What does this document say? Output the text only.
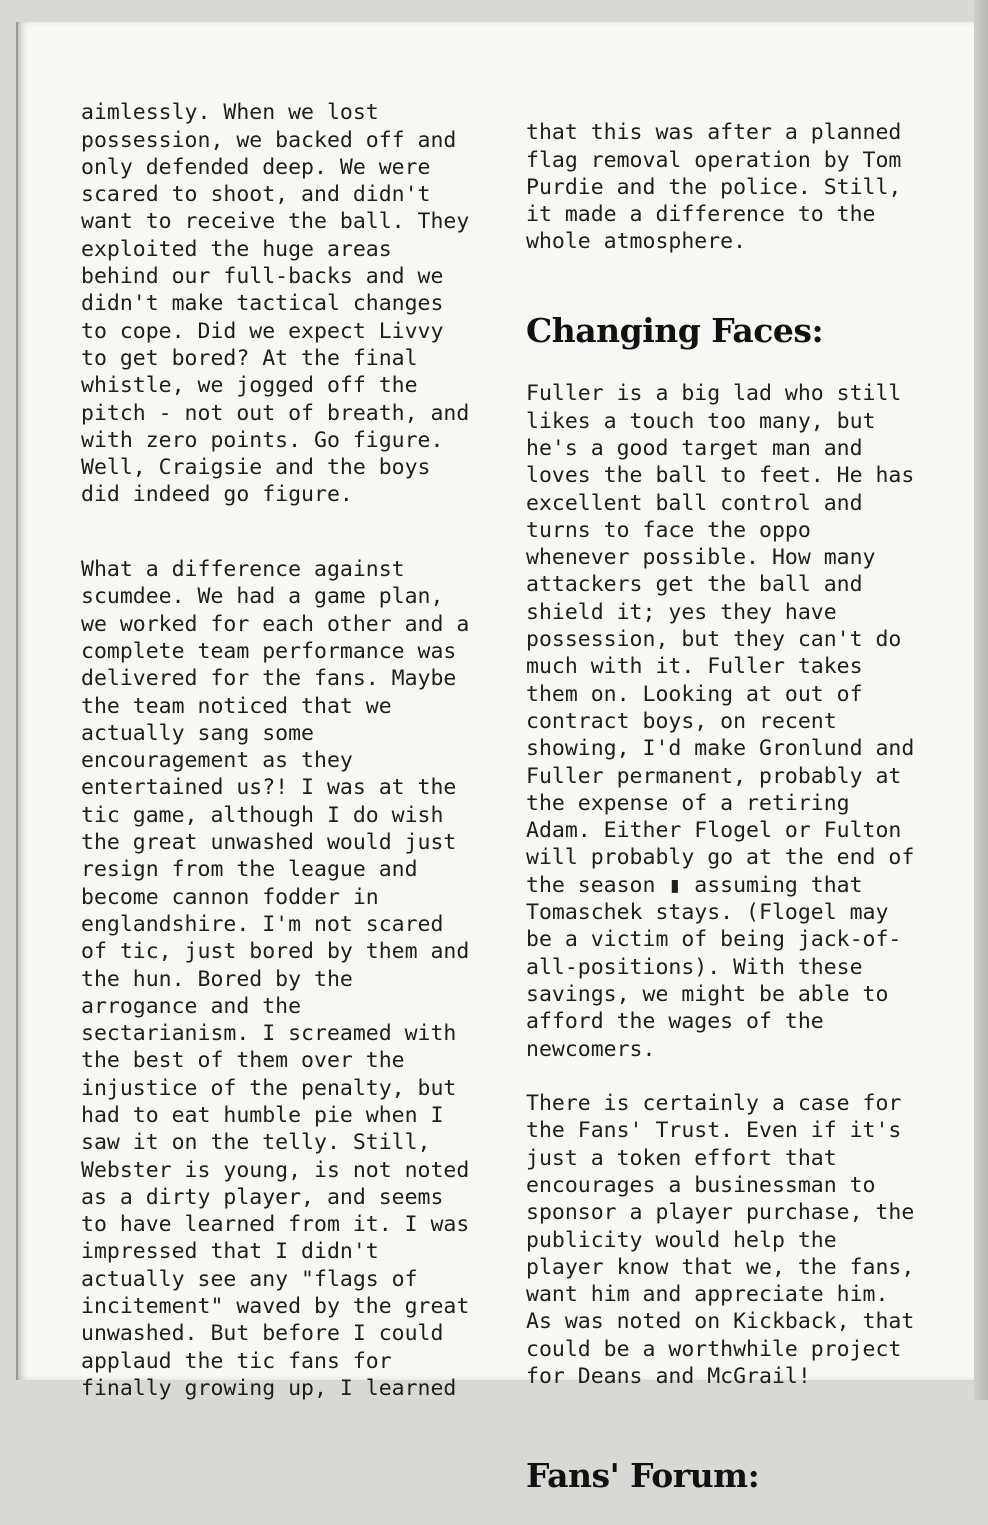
aimlessly. When we lost
possession, we backed off and
only defended deep. We were
scared to shoot, and didn't
want to receive the ball. They
exploited the huge areas
behind our full-backs and we
didn't make tactical changes
to cope. Did we expect Livvy
to get bored? At the final
whistle, we jogged off the
pitch - not out of breath, and
with zero points. Go figure.
Well, Craigsie and the boys
did indeed go figure.

What a difference against
scumdee. We had a game plan,
we worked for each other and a
complete team performance was
delivered for the fans. Maybe
the team noticed that we
actually sang some
encouragement as they
entertained us?! I was at the
tic game, although I do wish
the great unwashed would just
resign from the league and
become cannon fodder in
englandshire. I'm not scared
of tic, just bored by them and
the hun. Bored by the
arrogance and the
sectarianism. I screamed with
the best of them over the
injustice of the penalty, but
had to eat humble pie when I
saw it on the telly. Still,
Webster is young, is not noted
as a dirty player, and seems
to have learned from it. I was
impressed that I didn't
actually see any "flags of
incitement" waved by the great
unwashed. But before I could
applaud the tic fans for
finally growing up, I learned

that this was after a planned
flag removal operation by Tom
Purdie and the police. Still,
it made a difference to the
whole atmosphere.

Changing Faces:

Fuller is a big lad who still
likes a touch too many, but
he's a good target man and
loves the ball to feet. He has
excellent ball control and
turns to face the oppo
whenever possible. How many
attackers get the ball and
shield it; yes they have
possession, but they can't do
much with it. Fuller takes
them on. Looking at out of
contract boys, on recent
showing, I'd make Gronlund and
Fuller permanent, probably at
the expense of a retiring
Adam. Either Flogel or Fulton
will probably go at the end of
the season ▮ assuming that
Tomaschek stays. (Flogel may
be a victim of being jack-of-
all-positions). With these
savings, we might be able to
afford the wages of the
newcomers.

There is certainly a case for
the Fans' Trust. Even if it's
just a token effort that
encourages a businessman to
sponsor a player purchase, the
publicity would help the
player know that we, the fans,
want him and appreciate him.
As was noted on Kickback, that
could be a worthwhile project
for Deans and McGrail!

Fans' Forum:
